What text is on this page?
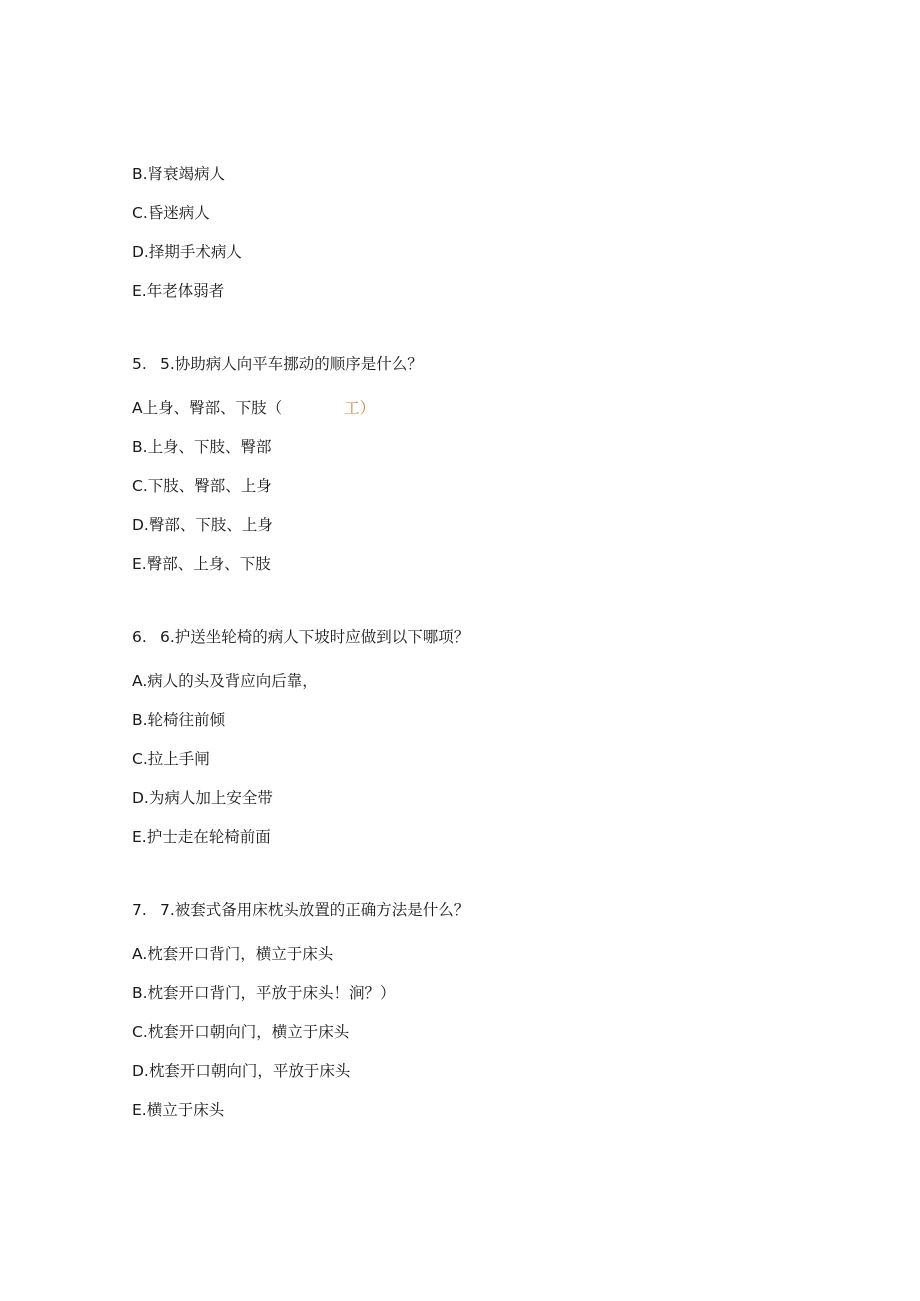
B.肾衰竭病人
C.昏迷病人
D.择期手术病人
E.年老体弱者
5. 5.协助病人向平车挪动的顺序是什么？
A上身、臀部、下肢（	工）
B.上身、下肢、臀部
C.下肢、臀部、上身
D.臀部、下肢、上身
E.臀部、上身、下肢
6. 6.护送坐轮椅的病人下坡时应做到以下哪项？
A.病人的头及背应向后靠，
B.轮椅往前倾
C.拉上手闸
D.为病人加上安全带
E.护士走在轮椅前面
7. 7.被套式备用床枕头放置的正确方法是什么？
A.枕套开口背门，横立于床头
B.枕套开口背门，平放于床头！涧？）
C.枕套开口朝向门，横立于床头
D.枕套开口朝向门，平放于床头
E.横立于床头
